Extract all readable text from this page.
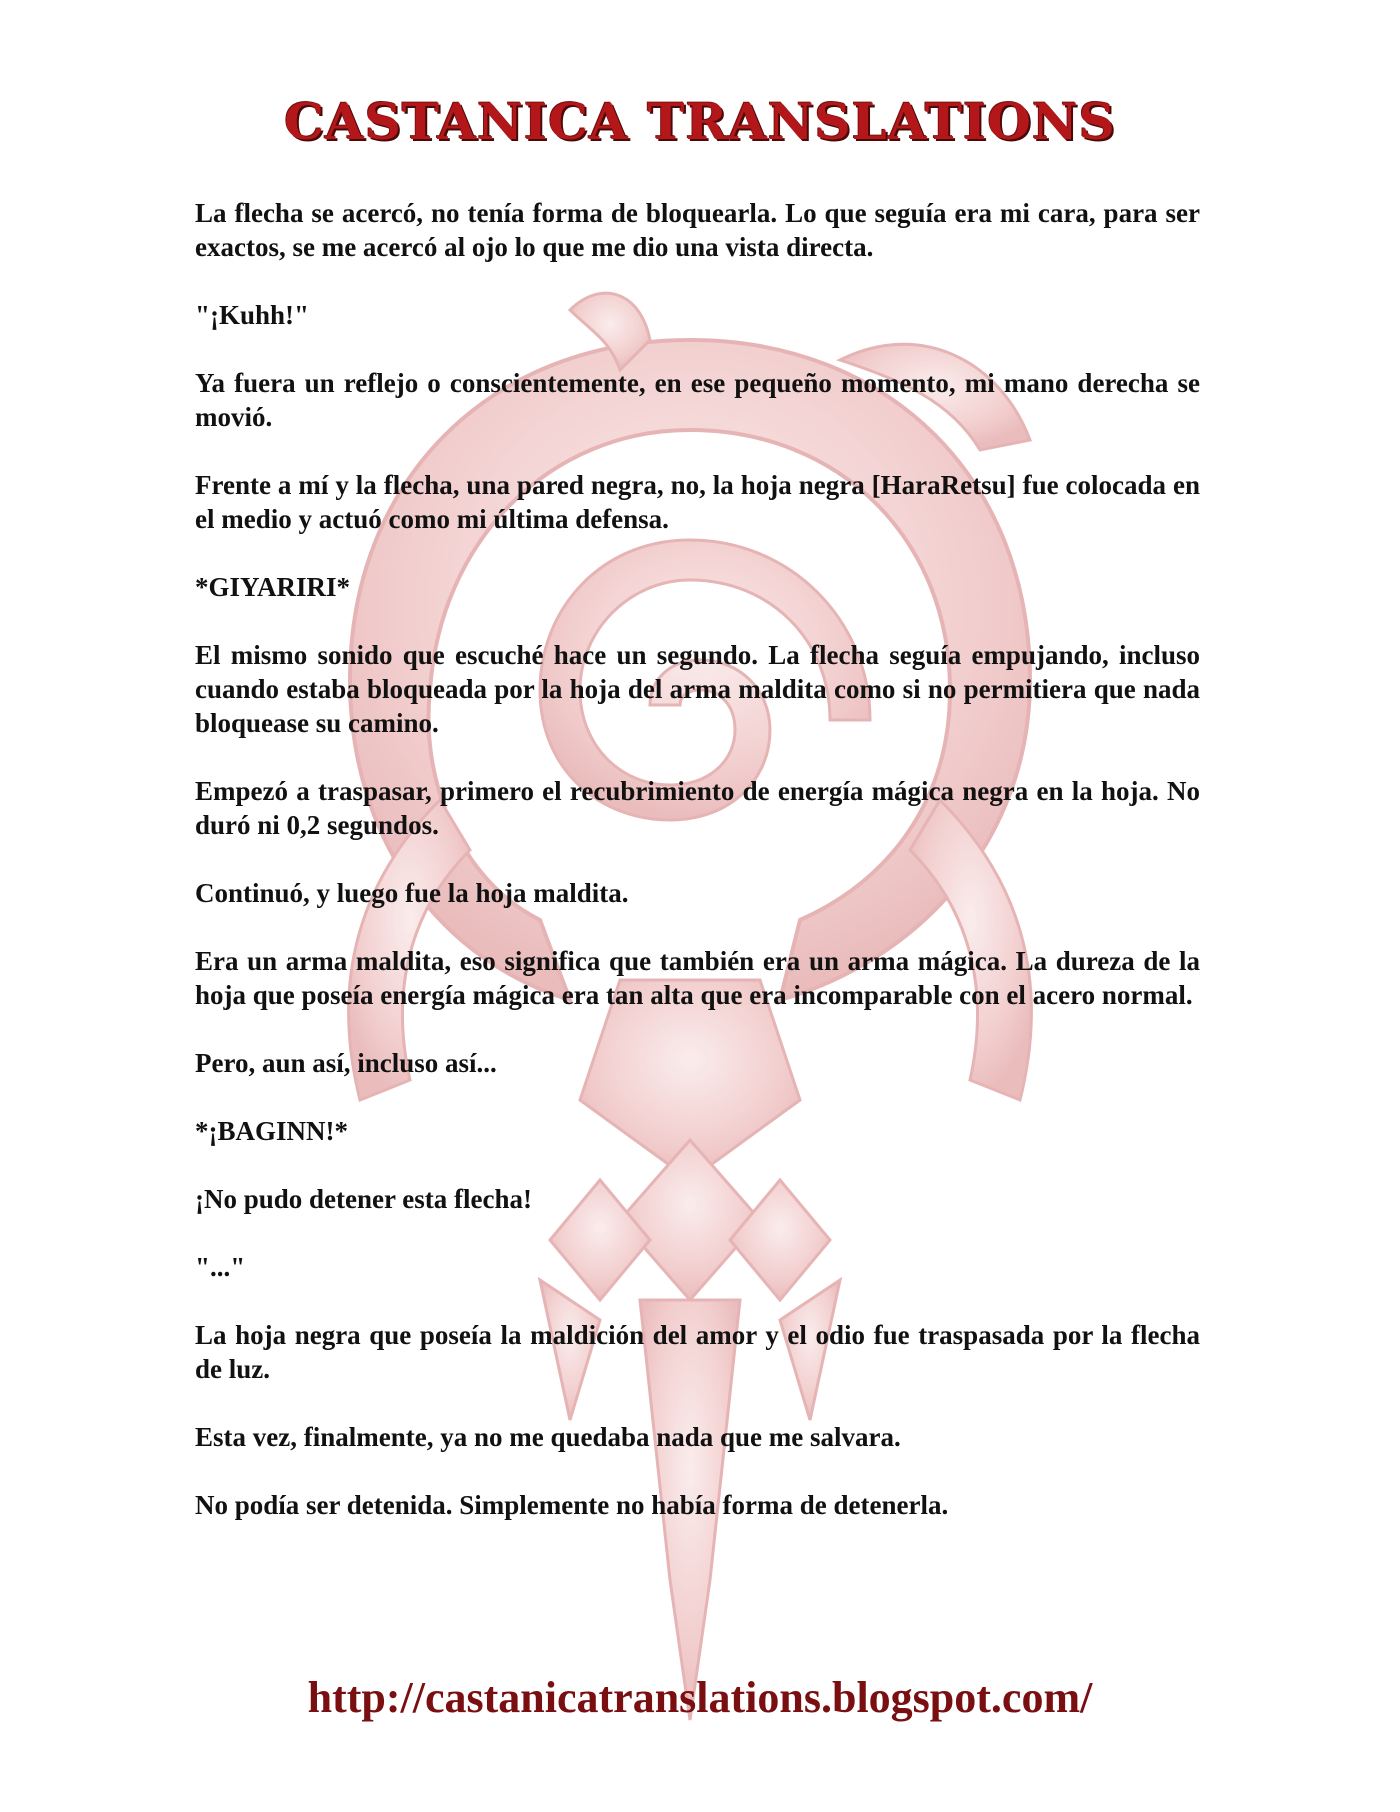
CASTANICA TRANSLATIONS

La flecha se acercó, no tenía forma de bloquearla. Lo que seguía era mi cara, para ser exactos, se me acercó al ojo lo que me dio una vista directa.

"¡Kuhh!"

Ya fuera un reflejo o conscientemente, en ese pequeño momento, mi mano derecha se movió.

Frente a mí y la flecha, una pared negra, no, la hoja negra [HaraRetsu] fue colocada en el medio y actuó como mi última defensa.

*GIYARIRI*

El mismo sonido que escuché hace un segundo. La flecha seguía empujando, incluso cuando estaba bloqueada por la hoja del arma maldita como si no permitiera que nada bloquease su camino.

Empezó a traspasar, primero el recubrimiento de energía mágica negra en la hoja. No duró ni 0,2 segundos.

Continuó, y luego fue la hoja maldita.

Era un arma maldita, eso significa que también era un arma mágica. La dureza de la hoja que poseía energía mágica era tan alta que era incomparable con el acero normal.

Pero, aun así, incluso así...

*¡BAGINN!*

¡No pudo detener esta flecha!

"..."

La hoja negra que poseía la maldición del amor y el odio fue traspasada por la flecha de luz.

Esta vez, finalmente, ya no me quedaba nada que me salvara.

No podía ser detenida. Simplemente no había forma de detenerla.

http://castanicatranslations.blogspot.com/
